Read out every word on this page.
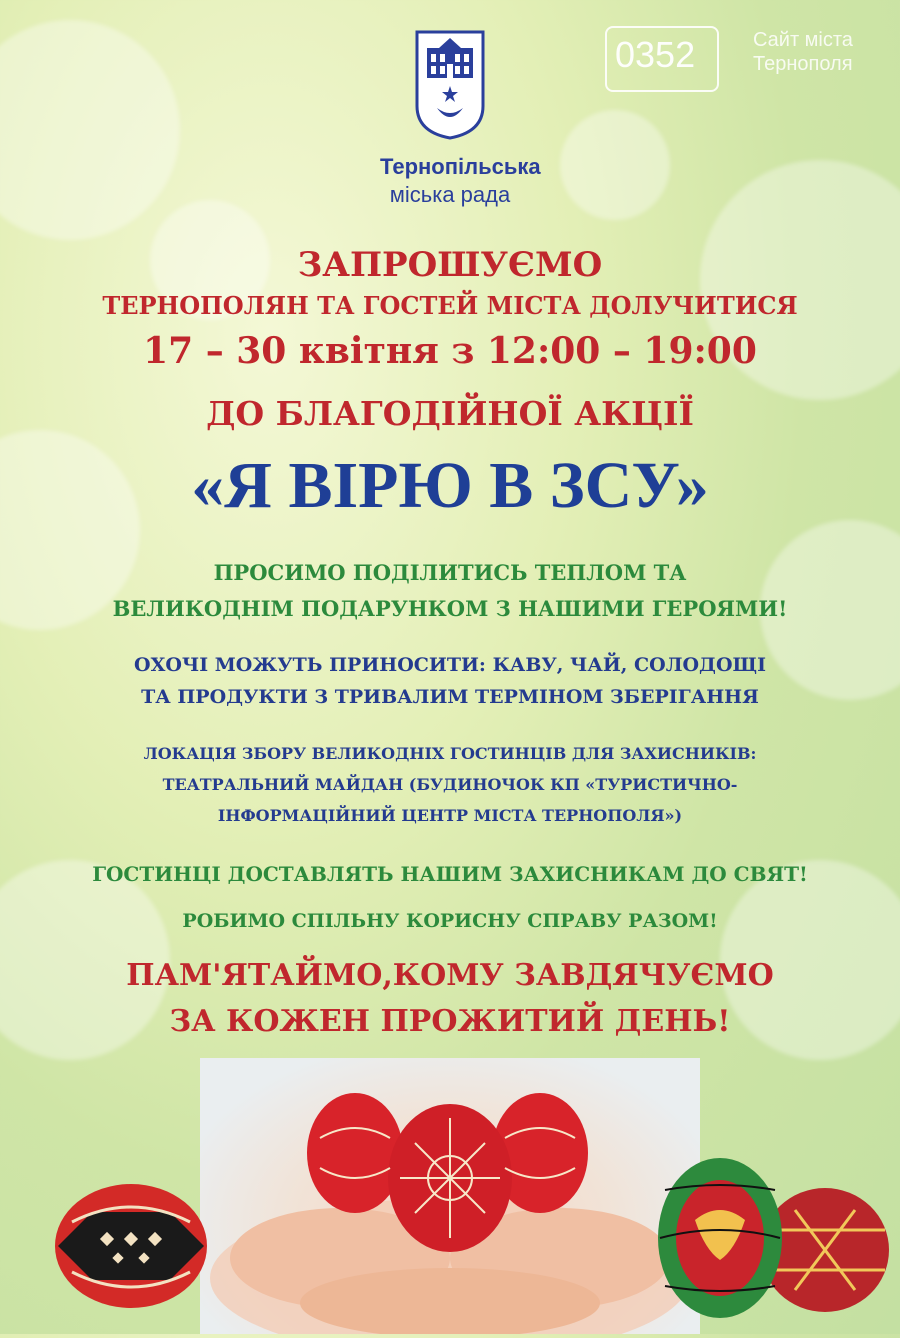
Тернопільська
міська рада
0352	Сайт міста
Тернополя

ЗАПРОШУЄМО

ТЕРНОПОЛЯН ТА ГОСТЕЙ МІСТА ДОЛУЧИТИСЯ

17 – 30 квітня з 12:00 – 19:00

ДО БЛАГОДІЙНОЇ АКЦІЇ

«Я ВІРЮ В ЗСУ»

ПРОСИМО ПОДІЛИТИСЬ ТЕПЛОМ ТА

ВЕЛИКОДНІМ ПОДАРУНКОМ З НАШИМИ ГЕРОЯМИ!

ОХОЧІ МОЖУТЬ ПРИНОСИТИ: КАВУ, ЧАЙ, СОЛОДОЩІ

ТА ПРОДУКТИ З ТРИВАЛИМ ТЕРМІНОМ ЗБЕРІГАННЯ

ЛОКАЦІЯ ЗБОРУ ВЕЛИКОДНІХ ГОСТИНЦІВ ДЛЯ ЗАХИСНИКІВ:

ТЕАТРАЛЬНИЙ МАЙДАН (БУДИНОЧОК КП «ТУРИСТИЧНО-

ІНФОРМАЦІЙНИЙ ЦЕНТР МІСТА ТЕРНОПОЛЯ»)

ГОСТИНЦІ ДОСТАВЛЯТЬ НАШИМ ЗАХИСНИКАМ ДО СВЯТ!

РОБИМО СПІЛЬНУ КОРИСНУ СПРАВУ РАЗОМ!

ПАМ'ЯТАЙМО,КОМУ ЗАВДЯЧУЄМО

ЗА КОЖЕН ПРОЖИТИЙ ДЕНЬ!
